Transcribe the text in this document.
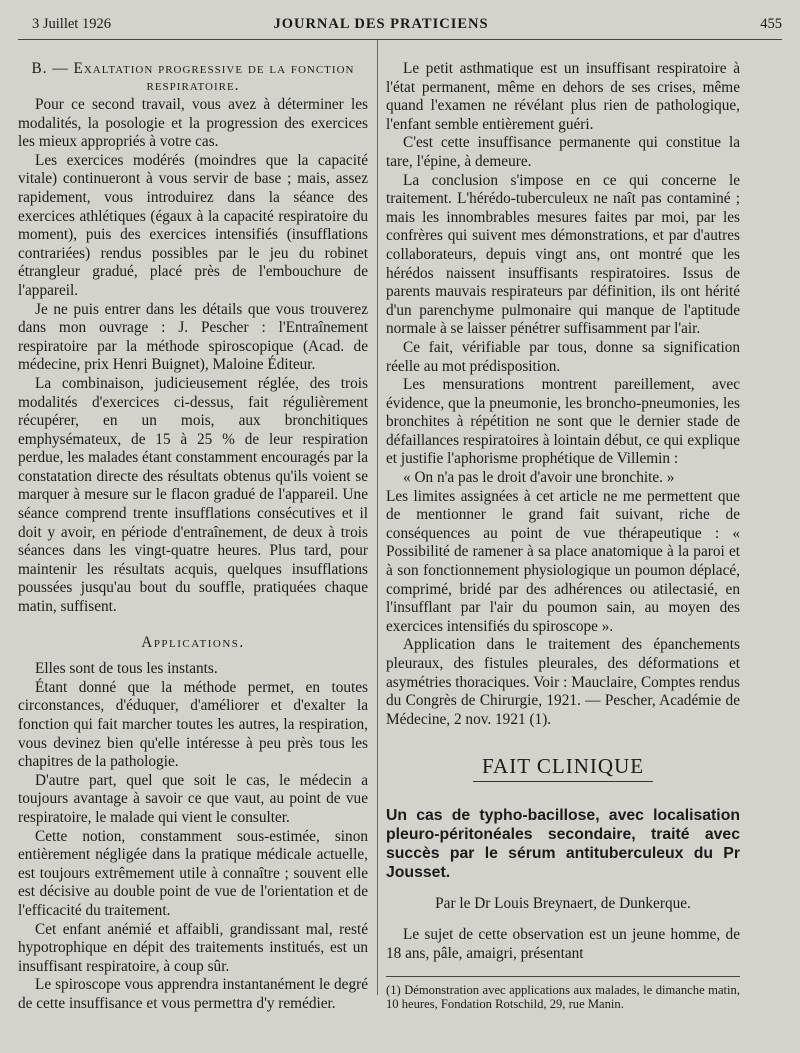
3 Juillet 1926	JOURNAL DES PRATICIENS	455

B. — Exaltation progressive de la fonction respiratoire.

Pour ce second travail, vous avez à déterminer les modalités, la posologie et la progression des exercices les mieux appropriés à votre cas.

Les exercices modérés (moindres que la capacité vitale) continueront à vous servir de base ; mais, assez rapidement, vous introduirez dans la séance des exercices athlétiques (égaux à la capacité respiratoire du moment), puis des exercices intensifiés (insufflations contrariées) rendus possibles par le jeu du robinet étrangleur gradué, placé près de l'embouchure de l'appareil.

Je ne puis entrer dans les détails que vous trouverez dans mon ouvrage : J. Pescher : l'Entraînement respiratoire par la méthode spiroscopique (Acad. de médecine, prix Henri Buignet), Maloine Éditeur.

La combinaison, judicieusement réglée, des trois modalités d'exercices ci-dessus, fait régulièrement récupérer, en un mois, aux bronchitiques emphysémateux, de 15 à 25 % de leur respiration perdue, les malades étant constamment encouragés par la constatation directe des résultats obtenus qu'ils voient se marquer à mesure sur le flacon gradué de l'appareil. Une séance comprend trente insufflations consécutives et il doit y avoir, en période d'entraînement, de deux à trois séances dans les vingt-quatre heures. Plus tard, pour maintenir les résultats acquis, quelques insufflations poussées jusqu'au bout du souffle, pratiquées chaque matin, suffisent.

Applications.

Elles sont de tous les instants.

Étant donné que la méthode permet, en toutes circonstances, d'éduquer, d'améliorer et d'exalter la fonction qui fait marcher toutes les autres, la respiration, vous devinez bien qu'elle intéresse à peu près tous les chapitres de la pathologie.

D'autre part, quel que soit le cas, le médecin a toujours avantage à savoir ce que vaut, au point de vue respiratoire, le malade qui vient le consulter.

Cette notion, constamment sous-estimée, sinon entièrement négligée dans la pratique médicale actuelle, est toujours extrêmement utile à connaître ; souvent elle est décisive au double point de vue de l'orientation et de l'efficacité du traitement.

Cet enfant anémié et affaibli, grandissant mal, resté hypotrophique en dépit des traitements institués, est un insuffisant respiratoire, à coup sûr.

Le spiroscope vous apprendra instantanément le degré de cette insuffisance et vous permettra d'y remédier.

Le petit asthmatique est un insuffisant respiratoire à l'état permanent, même en dehors de ses crises, même quand l'examen ne révélant plus rien de pathologique, l'enfant semble entièrement guéri.

C'est cette insuffisance permanente qui constitue la tare, l'épine, à demeure.

La conclusion s'impose en ce qui concerne le traitement. L'hérédo-tuberculeux ne naît pas contaminé ; mais les innombrables mesures faites par moi, par les confrères qui suivent mes démonstrations, et par d'autres collaborateurs, depuis vingt ans, ont montré que les hérédos naissent insuffisants respiratoires. Issus de parents mauvais respirateurs par définition, ils ont hérité d'un parenchyme pulmonaire qui manque de l'aptitude normale à se laisser pénétrer suffisamment par l'air.

Ce fait, vérifiable par tous, donne sa signification réelle au mot prédisposition.

Les mensurations montrent pareillement, avec évidence, que la pneumonie, les broncho-pneumonies, les bronchites à répétition ne sont que le dernier stade de défaillances respiratoires à lointain début, ce qui explique et justifie l'aphorisme prophétique de Villemin :

« On n'a pas le droit d'avoir une bronchite. »

Les limites assignées à cet article ne me permettent que de mentionner le grand fait suivant, riche de conséquences au point de vue thérapeutique : « Possibilité de ramener à sa place anatomique à la paroi et à son fonctionnement physiologique un poumon déplacé, comprimé, bridé par des adhérences ou atilectasié, en l'insufflant par l'air du poumon sain, au moyen des exercices intensifiés du spiroscope ».

Application dans le traitement des épanchements pleuraux, des fistules pleurales, des déformations et asymétries thoraciques. Voir : Mauclaire, Comptes rendus du Congrès de Chirurgie, 1921. — Pescher, Académie de Médecine, 2 nov. 1921 (1).

FAIT CLINIQUE

Un cas de typho-bacillose, avec localisation pleuro-péritonéales secondaire, traité avec succès par le sérum antituberculeux du Pr Jousset.

Par le Dr Louis Breynaert, de Dunkerque.

Le sujet de cette observation est un jeune homme, de 18 ans, pâle, amaigri, présentant

(1) Démonstration avec applications aux malades, le dimanche matin, 10 heures, Fondation Rotschild, 29, rue Manin.
